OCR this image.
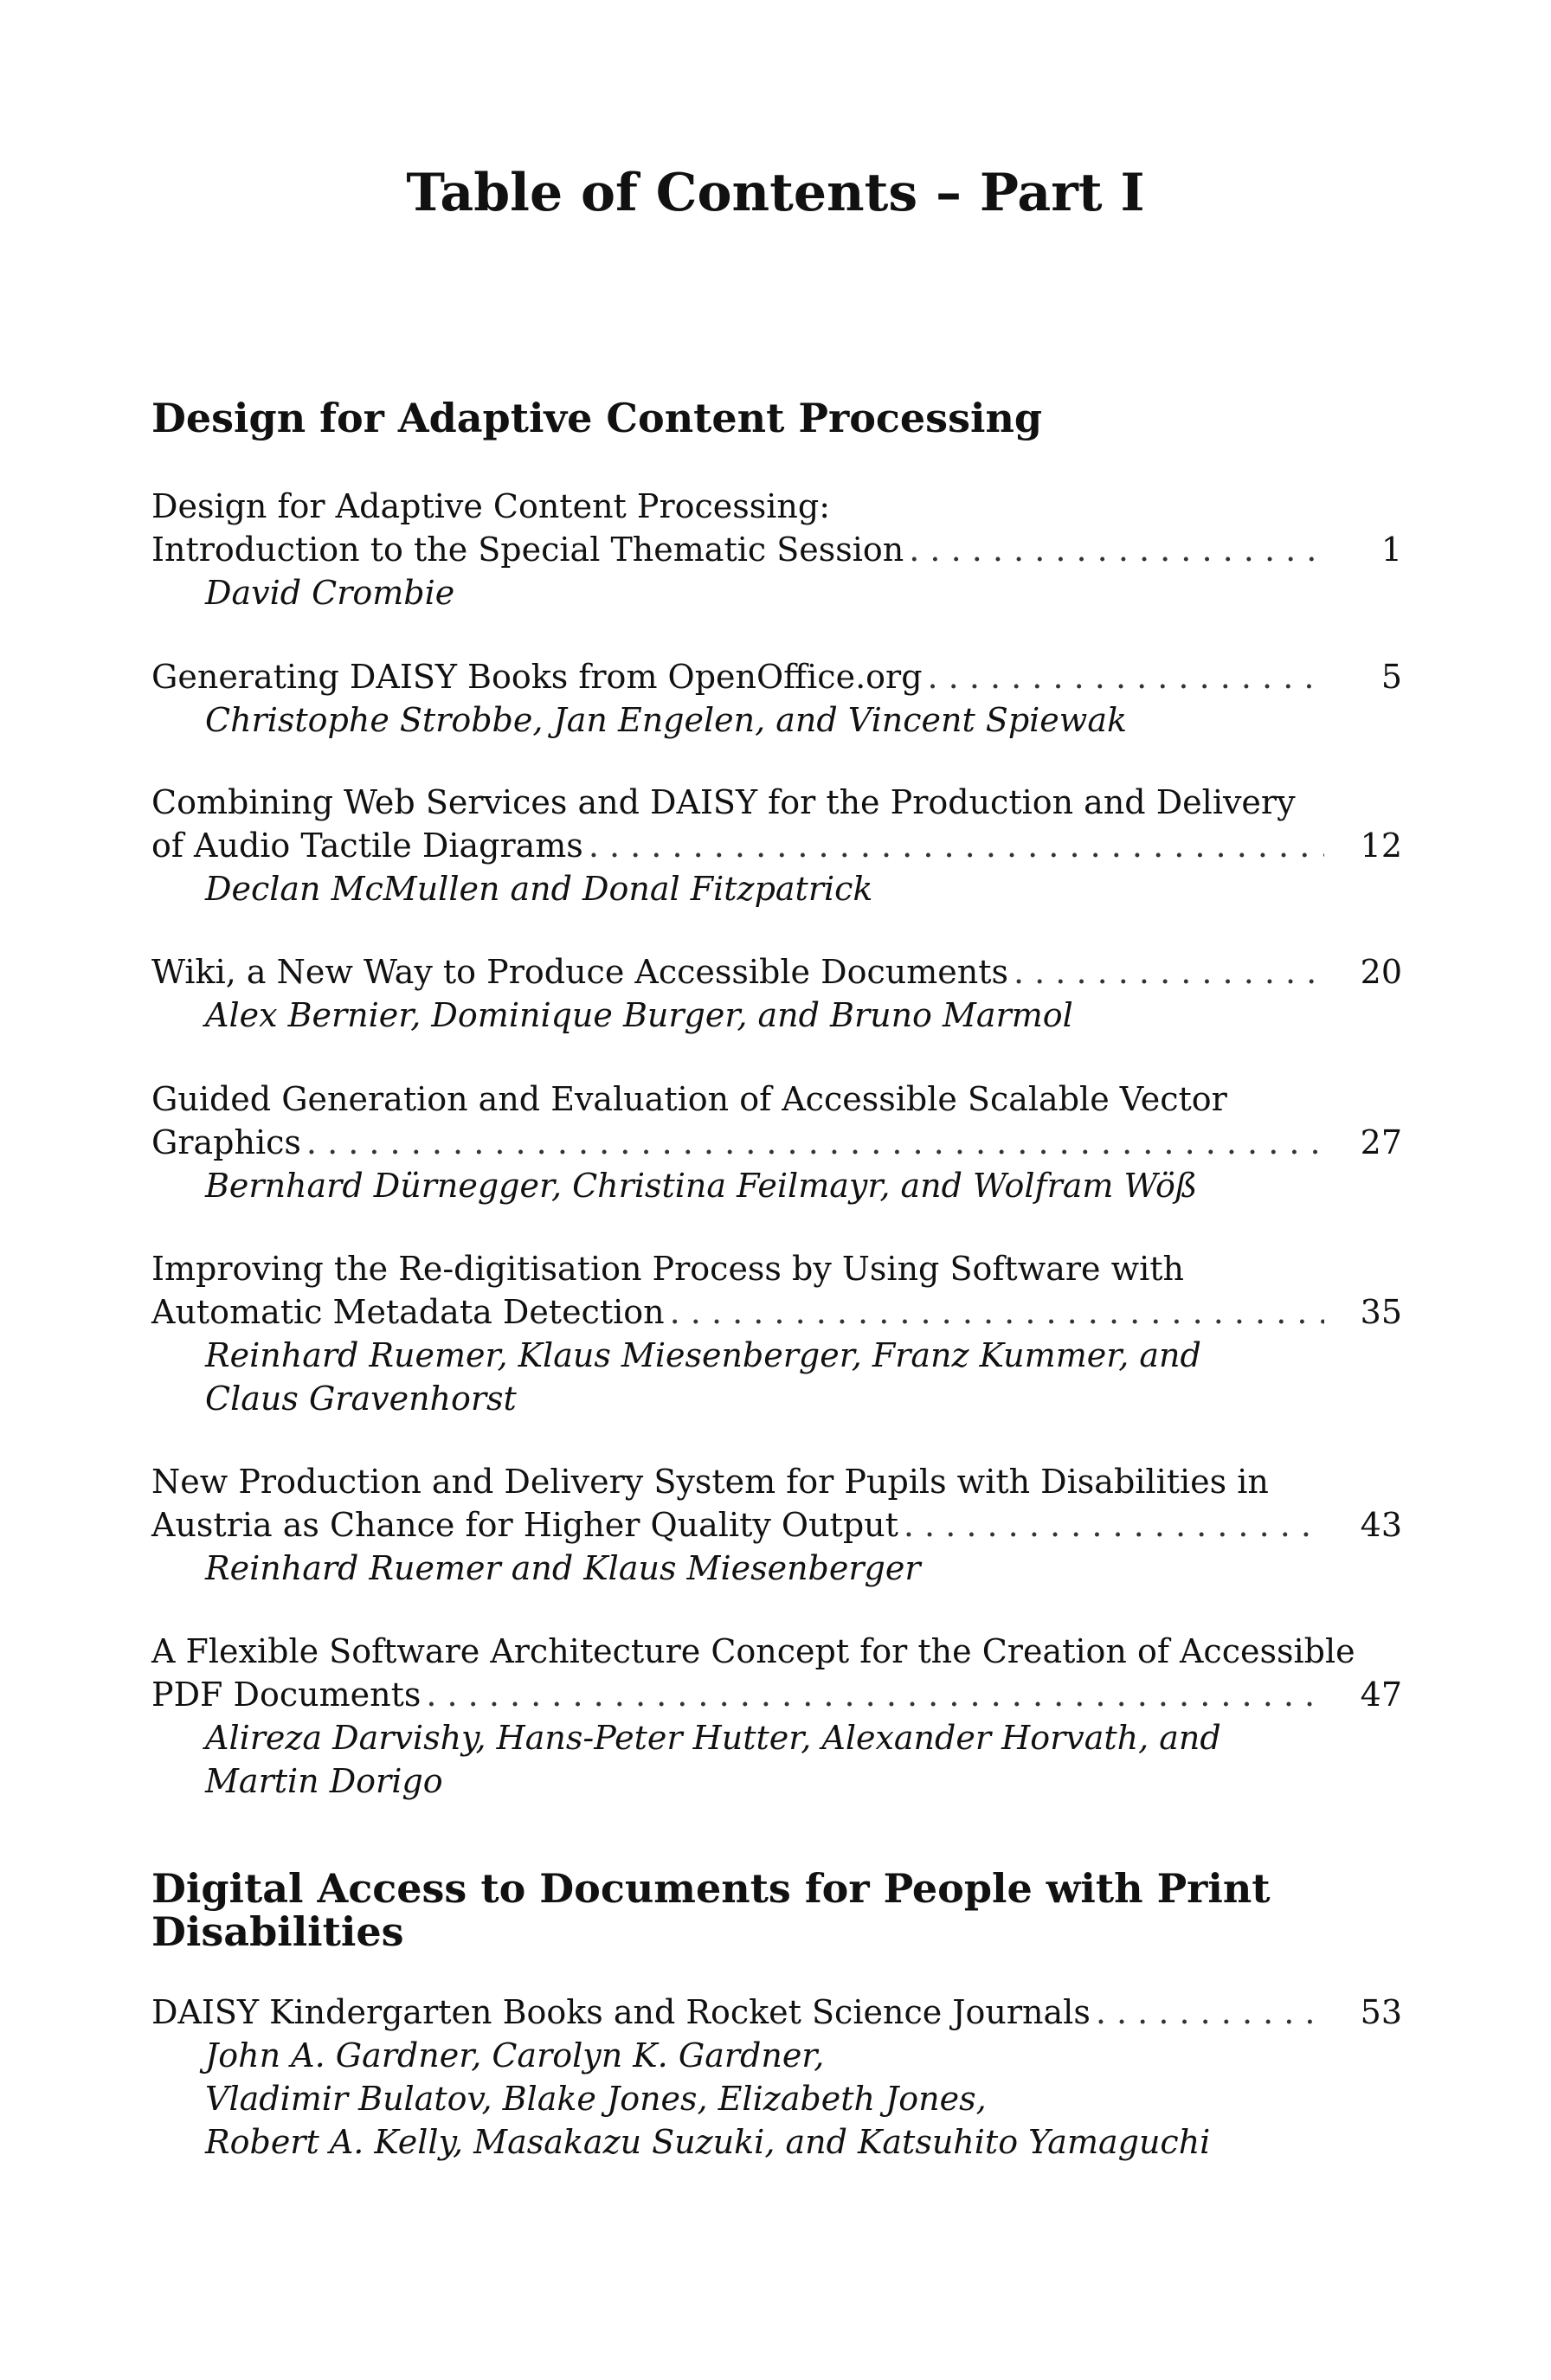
Table of Contents – Part I
Design for Adaptive Content Processing
Design for Adaptive Content Processing:
Introduction to the Special Thematic Session . . .	1
David Crombie
Generating DAISY Books from OpenOffice.org . . .	5
Christophe Strobbe, Jan Engelen, and Vincent Spiewak
Combining Web Services and DAISY for the Production and Delivery
of Audio Tactile Diagrams . . .	12
Declan McMullen and Donal Fitzpatrick
Wiki, a New Way to Produce Accessible Documents . . .	20
Alex Bernier, Dominique Burger, and Bruno Marmol
Guided Generation and Evaluation of Accessible Scalable Vector
Graphics . . .	27
Bernhard Dürnegger, Christina Feilmayr, and Wolfram Wöß
Improving the Re-digitisation Process by Using Software with
Automatic Metadata Detection . . .	35
Reinhard Ruemer, Klaus Miesenberger, Franz Kummer, and
Claus Gravenhorst
New Production and Delivery System for Pupils with Disabilities in
Austria as Chance for Higher Quality Output . . .	43
Reinhard Ruemer and Klaus Miesenberger
A Flexible Software Architecture Concept for the Creation of Accessible
PDF Documents . . .	47
Alireza Darvishy, Hans-Peter Hutter, Alexander Horvath, and
Martin Dorigo
Digital Access to Documents for People with Print
Disabilities
DAISY Kindergarten Books and Rocket Science Journals . . .	53
John A. Gardner, Carolyn K. Gardner,
Vladimir Bulatov, Blake Jones, Elizabeth Jones,
Robert A. Kelly, Masakazu Suzuki, and Katsuhito Yamaguchi
